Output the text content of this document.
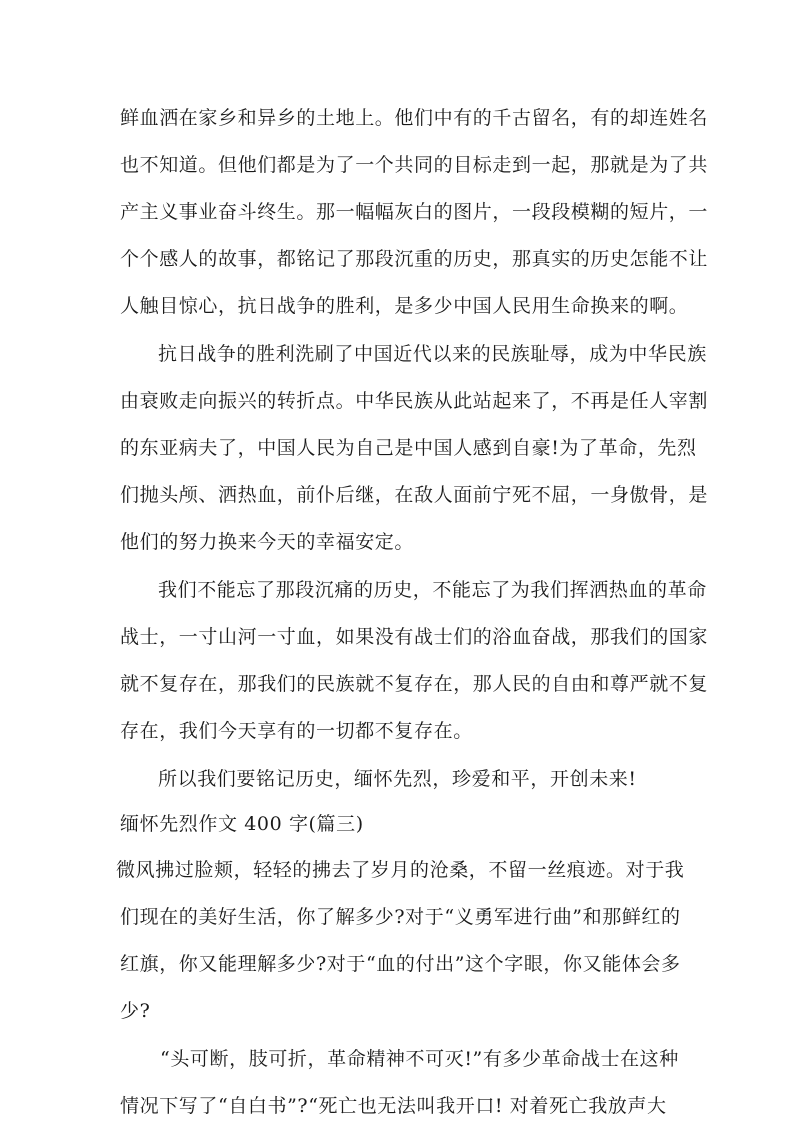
鲜血洒在家乡和异乡的土地上。他们中有的千古留名，有的却连姓名

也不知道。但他们都是为了一个共同的目标走到一起，那就是为了共

产主义事业奋斗终生。那一幅幅灰白的图片，一段段模糊的短片，一

个个感人的故事，都铭记了那段沉重的历史，那真实的历史怎能不让

人触目惊心，抗日战争的胜利，是多少中国人民用生命换来的啊。

抗日战争的胜利洗刷了中国近代以来的民族耻辱，成为中华民族

由衰败走向振兴的转折点。中华民族从此站起来了，不再是任人宰割

的东亚病夫了，中国人民为自己是中国人感到自豪!为了革命，先烈

们抛头颅、洒热血，前仆后继，在敌人面前宁死不屈，一身傲骨，是

他们的努力换来今天的幸福安定。

我们不能忘了那段沉痛的历史，不能忘了为我们挥洒热血的革命

战士，一寸山河一寸血，如果没有战士们的浴血奋战，那我们的国家

就不复存在，那我们的民族就不复存在，那人民的自由和尊严就不复

存在，我们今天享有的一切都不复存在。

所以我们要铭记历史，缅怀先烈，珍爱和平，开创未来!

缅怀先烈作文 400 字(篇三)

微风拂过脸颊，轻轻的拂去了岁月的沧桑，不留一丝痕迹。对于我

们现在的美好生活，你了解多少?对于“义勇军进行曲”和那鲜红的

红旗，你又能理解多少?对于“血的付出”这个字眼，你又能体会多

少?

“头可断，肢可折，革命精神不可灭!”有多少革命战士在这种

情况下写了“自白书”?“死亡也无法叫我开口! 对着死亡我放声大
